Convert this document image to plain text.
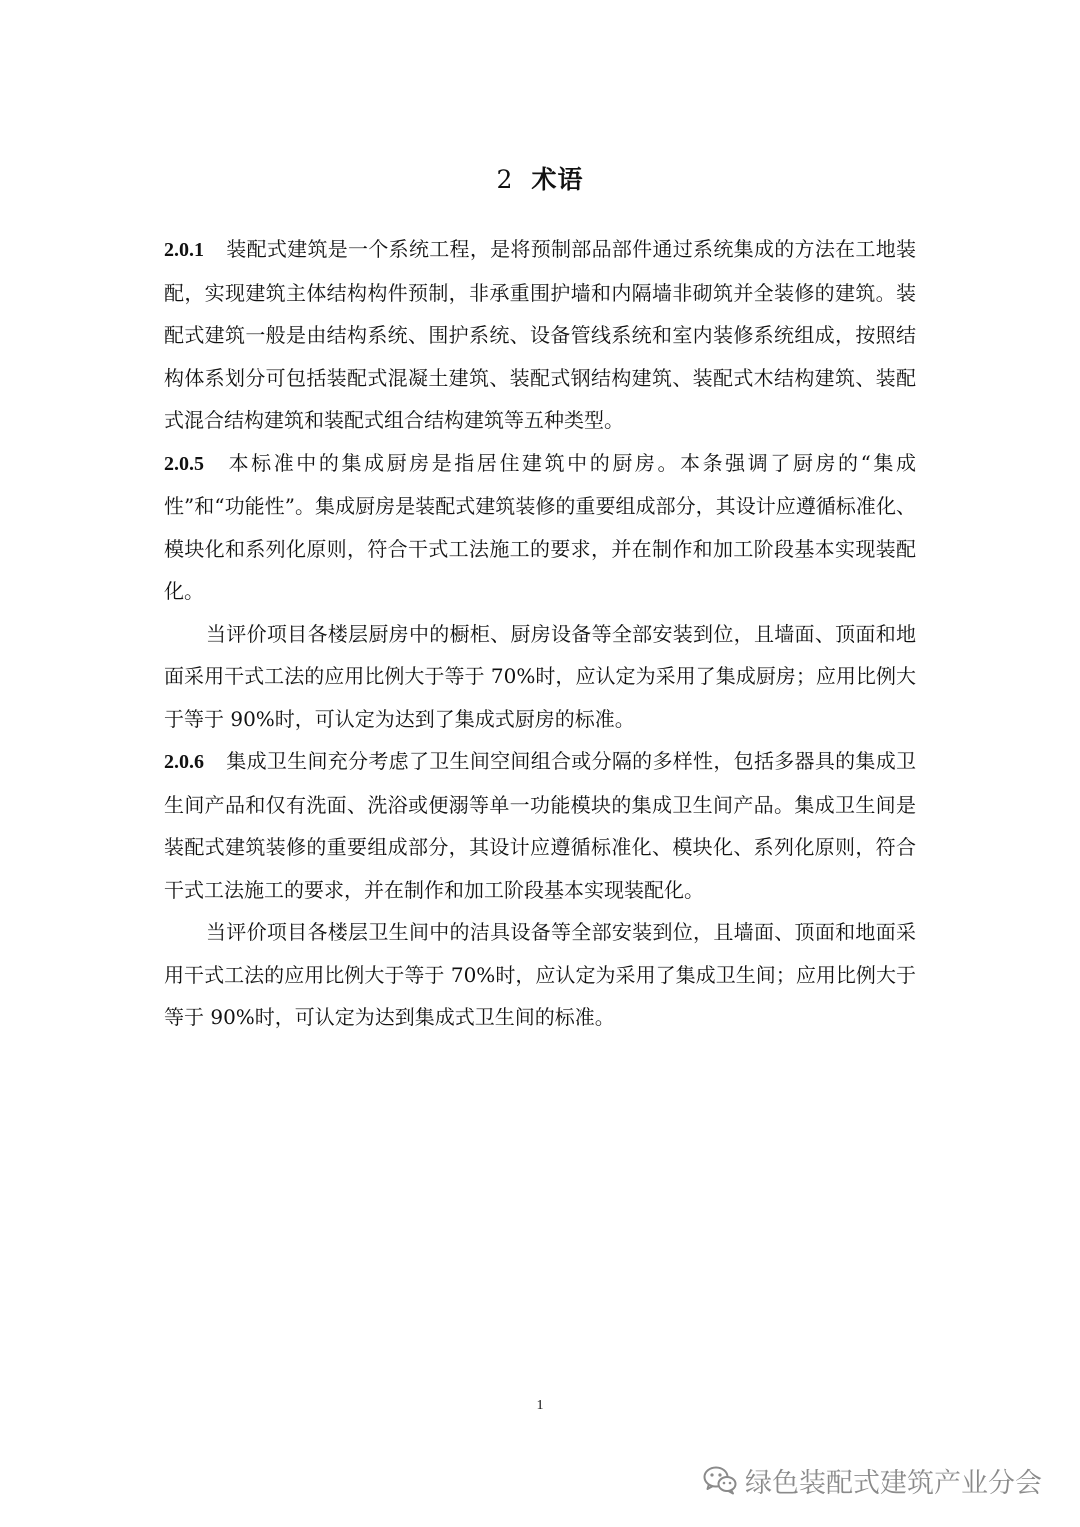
2 术语

2.0.1 装配式建筑是一个系统工程，是将预制部品部件通过系统集成的方法在工地装配，实现建筑主体结构构件预制，非承重围护墙和内隔墙非砌筑并全装修的建筑。装配式建筑一般是由结构系统、围护系统、设备管线系统和室内装修系统组成，按照结构体系划分可包括装配式混凝土建筑、装配式钢结构建筑、装配式木结构建筑、装配式混合结构建筑和装配式组合结构建筑等五种类型。

2.0.5 本标准中的集成厨房是指居住建筑中的厨房。本条强调了厨房的“集成性”和“功能性”。集成厨房是装配式建筑装修的重要组成部分，其设计应遵循标准化、模块化和系列化原则，符合干式工法施工的要求，并在制作和加工阶段基本实现装配化。

当评价项目各楼层厨房中的橱柜、厨房设备等全部安装到位，且墙面、顶面和地面采用干式工法的应用比例大于等于 70%时，应认定为采用了集成厨房；应用比例大于等于 90%时，可认定为达到了集成式厨房的标准。

2.0.6 集成卫生间充分考虑了卫生间空间组合或分隔的多样性，包括多器具的集成卫生间产品和仅有洗面、洗浴或便溺等单一功能模块的集成卫生间产品。集成卫生间是装配式建筑装修的重要组成部分，其设计应遵循标准化、模块化、系列化原则，符合干式工法施工的要求，并在制作和加工阶段基本实现装配化。

当评价项目各楼层卫生间中的洁具设备等全部安装到位，且墙面、顶面和地面采用干式工法的应用比例大于等于 70%时，应认定为采用了集成卫生间；应用比例大于等于 90%时，可认定为达到集成式卫生间的标准。

1
绿色装配式建筑产业分会
